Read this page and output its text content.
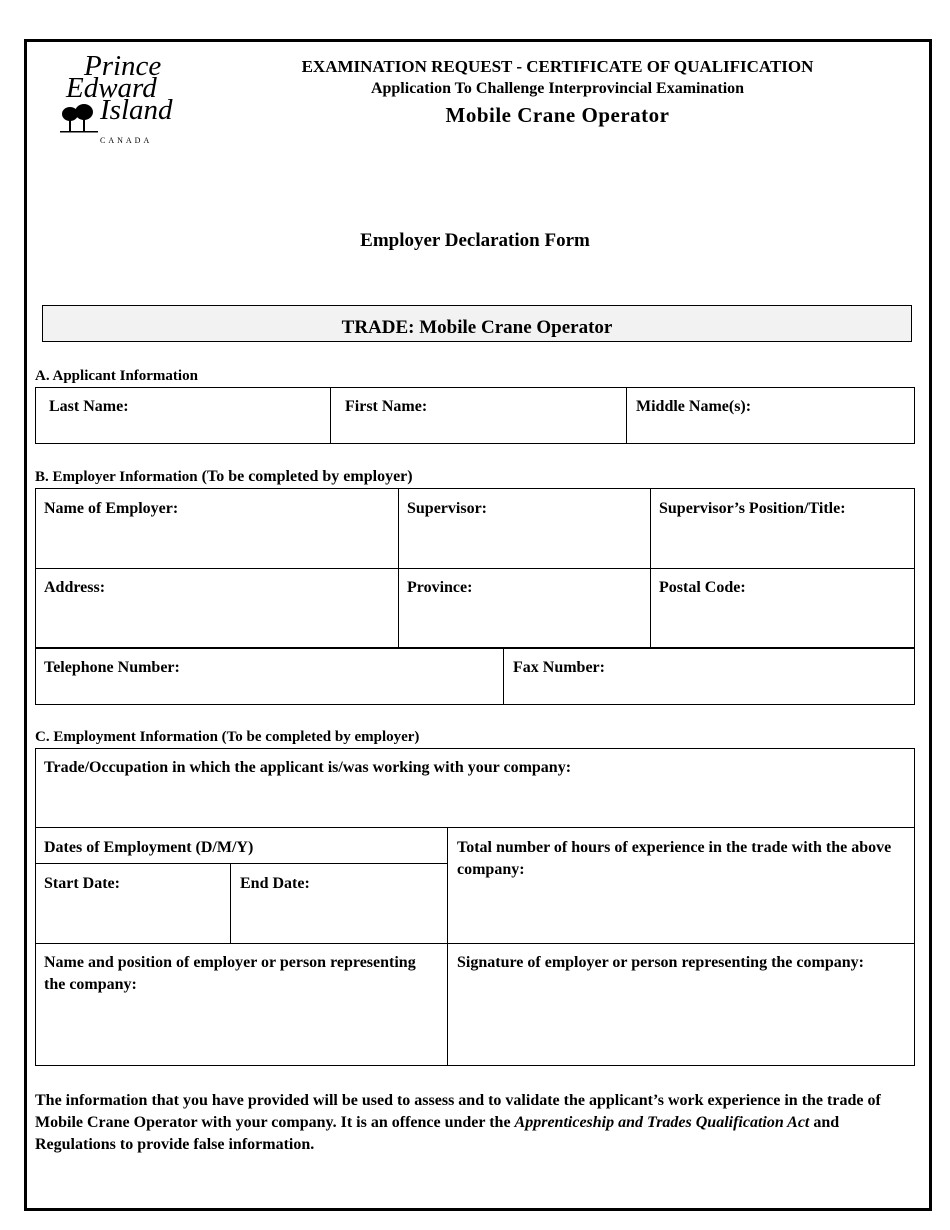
Prince
Edward
Island
CANADA
EXAMINATION REQUEST - CERTIFICATE OF QUALIFICATION
Application To Challenge Interprovincial Examination
Mobile Crane Operator
Employer Declaration Form
TRADE: Mobile Crane Operator
A. Applicant Information
Last Name:	First Name:	Middle Name(s):
B. Employer Information (To be completed by employer)
Name of Employer:	Supervisor:	Supervisor’s Position/Title:
Address:	Province:	Postal Code:
Telephone Number:	Fax Number:
C. Employment Information (To be completed by employer)
Trade/Occupation in which the applicant is/was working with your company:
Dates of Employment (D/M/Y)
Start Date:	End Date:
Total number of hours of experience in the trade with the above company:
Name and position of employer or person representing the company:
Signature of employer or person representing the company:
The information that you have provided will be used to assess and to validate the applicant’s work experience in the trade of Mobile Crane Operator with your company. It is an offence under the Apprenticeship and Trades Qualification Act and Regulations to provide false information.
